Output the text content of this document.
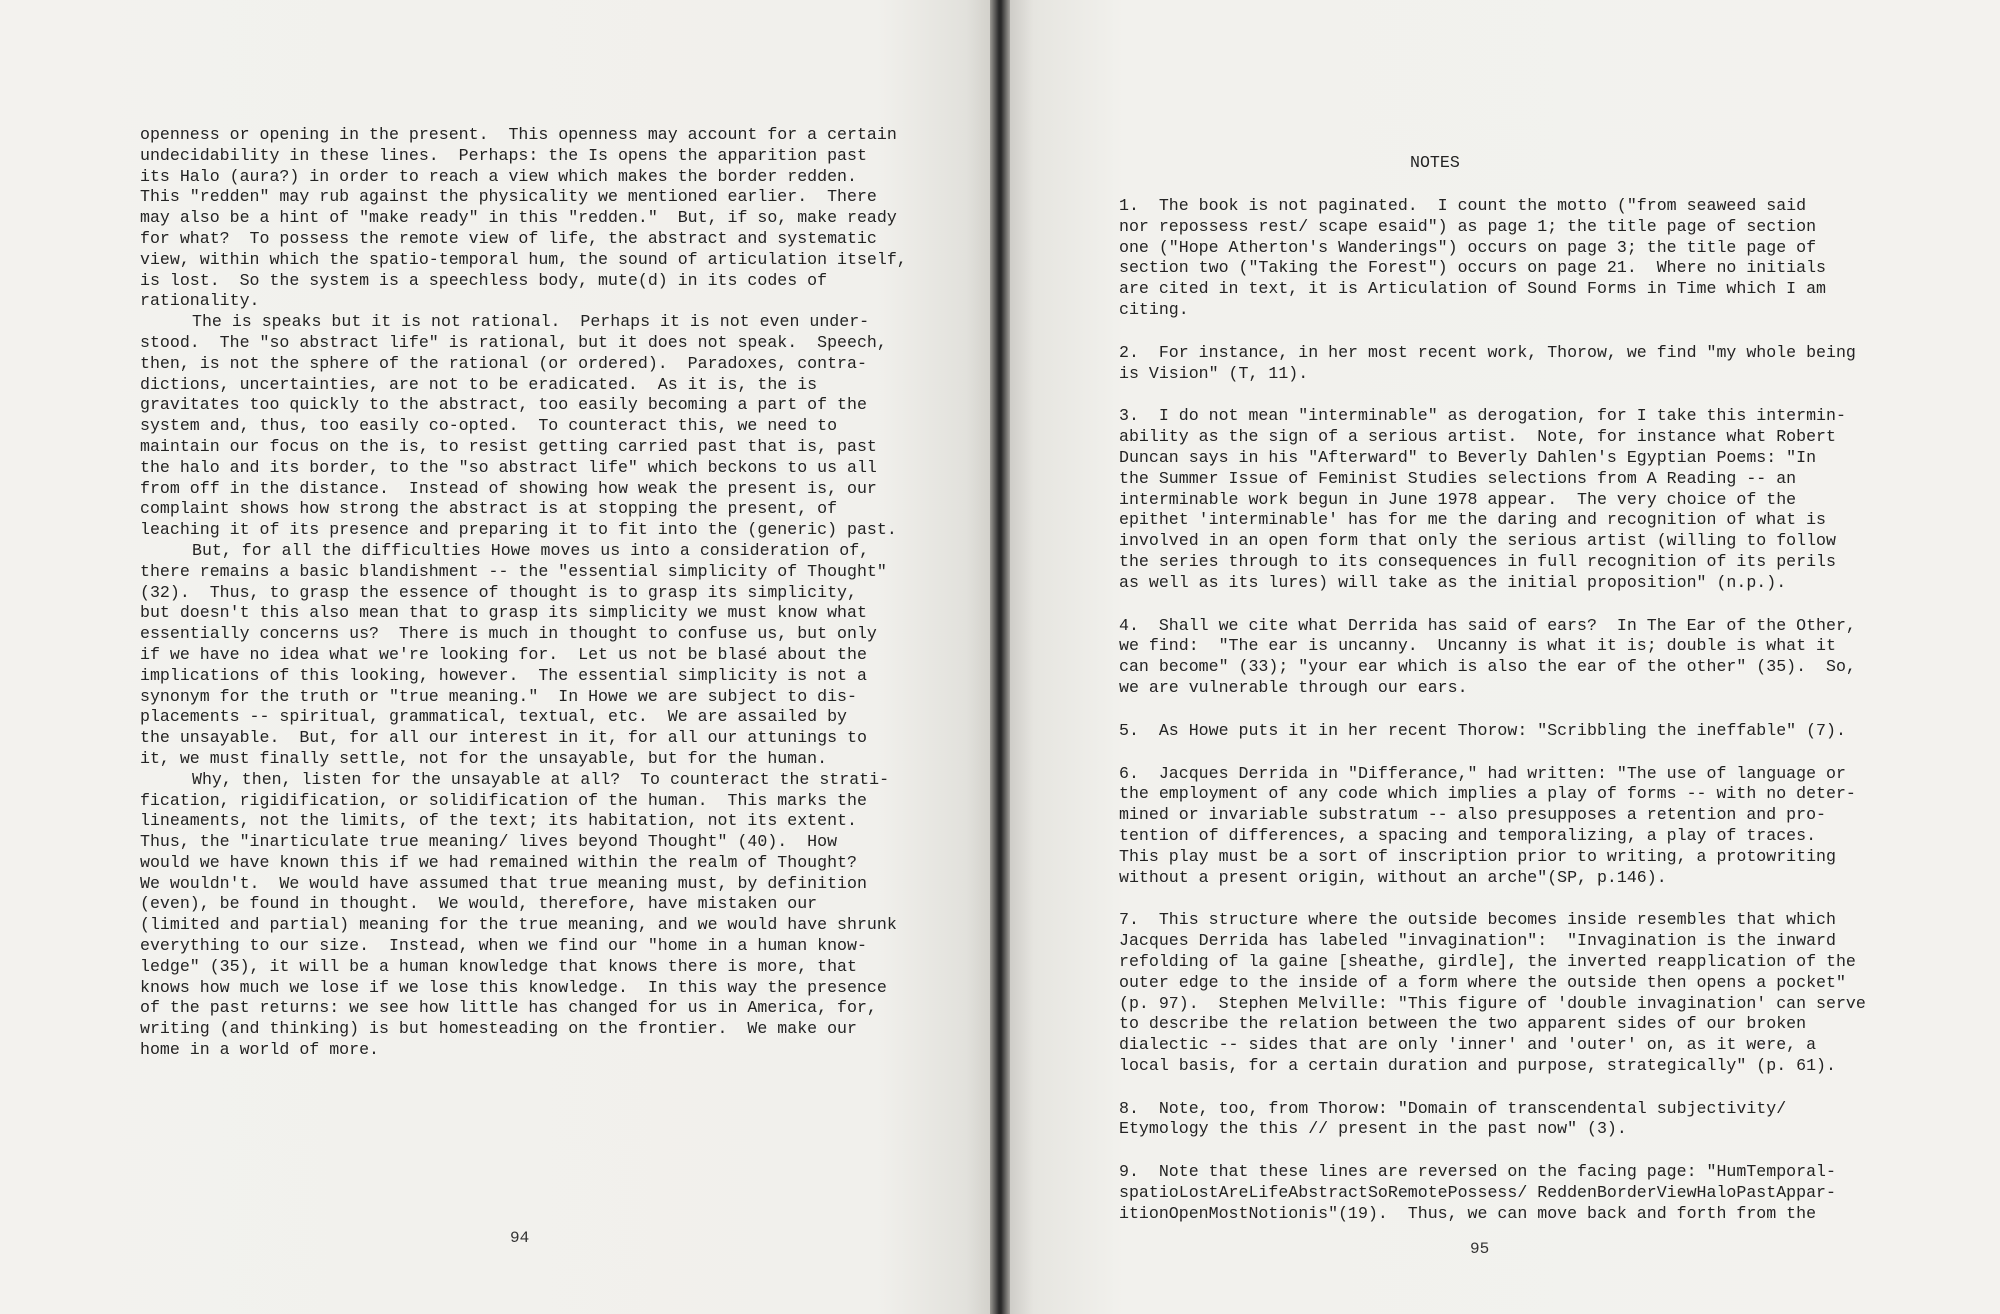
openness or opening in the present.  This openness may account for a certain
undecidability in these lines.  Perhaps: the Is opens the apparition past
its Halo (aura?) in order to reach a view which makes the border redden.
This "redden" may rub against the physicality we mentioned earlier.  There
may also be a hint of "make ready" in this "redden."  But, if so, make ready
for what?  To possess the remote view of life, the abstract and systematic
view, within which the spatio-temporal hum, the sound of articulation itself,
is lost.  So the system is a speechless body, mute(d) in its codes of
rationality.
The is speaks but it is not rational.  Perhaps it is not even under-
stood.  The "so abstract life" is rational, but it does not speak.  Speech,
then, is not the sphere of the rational (or ordered).  Paradoxes, contra-
dictions, uncertainties, are not to be eradicated.  As it is, the is
gravitates too quickly to the abstract, too easily becoming a part of the
system and, thus, too easily co-opted.  To counteract this, we need to
maintain our focus on the is, to resist getting carried past that is, past
the halo and its border, to the "so abstract life" which beckons to us all
from off in the distance.  Instead of showing how weak the present is, our
complaint shows how strong the abstract is at stopping the present, of
leaching it of its presence and preparing it to fit into the (generic) past.
But, for all the difficulties Howe moves us into a consideration of,
there remains a basic blandishment -- the "essential simplicity of Thought"
(32).  Thus, to grasp the essence of thought is to grasp its simplicity,
but doesn't this also mean that to grasp its simplicity we must know what
essentially concerns us?  There is much in thought to confuse us, but only
if we have no idea what we're looking for.  Let us not be blasé about the
implications of this looking, however.  The essential simplicity is not a
synonym for the truth or "true meaning."  In Howe we are subject to dis-
placements -- spiritual, grammatical, textual, etc.  We are assailed by
the unsayable.  But, for all our interest in it, for all our attunings to
it, we must finally settle, not for the unsayable, but for the human.
Why, then, listen for the unsayable at all?  To counteract the strati-
fication, rigidification, or solidification of the human.  This marks the
lineaments, not the limits, of the text; its habitation, not its extent.
Thus, the "inarticulate true meaning/ lives beyond Thought" (40).  How
would we have known this if we had remained within the realm of Thought?
We wouldn't.  We would have assumed that true meaning must, by definition
(even), be found in thought.  We would, therefore, have mistaken our
(limited and partial) meaning for the true meaning, and we would have shrunk
everything to our size.  Instead, when we find our "home in a human know-
ledge" (35), it will be a human knowledge that knows there is more, that
knows how much we lose if we lose this knowledge.  In this way the presence
of the past returns: we see how little has changed for us in America, for,
writing (and thinking) is but homesteading on the frontier.  We make our
home in a world of more.
NOTES
1.  The book is not paginated.  I count the motto ("from seaweed said
nor repossess rest/ scape esaid") as page 1; the title page of section
one ("Hope Atherton's Wanderings") occurs on page 3; the title page of
section two ("Taking the Forest") occurs on page 21.  Where no initials
are cited in text, it is Articulation of Sound Forms in Time which I am
citing.
2.  For instance, in her most recent work, Thorow, we find "my whole being
is Vision" (T, 11).
3.  I do not mean "interminable" as derogation, for I take this intermin-
ability as the sign of a serious artist.  Note, for instance what Robert
Duncan says in his "Afterward" to Beverly Dahlen's Egyptian Poems: "In
the Summer Issue of Feminist Studies selections from A Reading -- an
interminable work begun in June 1978 appear.  The very choice of the
epithet 'interminable' has for me the daring and recognition of what is
involved in an open form that only the serious artist (willing to follow
the series through to its consequences in full recognition of its perils
as well as its lures) will take as the initial proposition" (n.p.).
4.  Shall we cite what Derrida has said of ears?  In The Ear of the Other,
we find:  "The ear is uncanny.  Uncanny is what it is; double is what it
can become" (33); "your ear which is also the ear of the other" (35).  So,
we are vulnerable through our ears.
5.  As Howe puts it in her recent Thorow: "Scribbling the ineffable" (7).
6.  Jacques Derrida in "Differance," had written: "The use of language or
the employment of any code which implies a play of forms -- with no deter-
mined or invariable substratum -- also presupposes a retention and pro-
tention of differences, a spacing and temporalizing, a play of traces.
This play must be a sort of inscription prior to writing, a protowriting
without a present origin, without an arche"(SP, p.146).
7.  This structure where the outside becomes inside resembles that which
Jacques Derrida has labeled "invagination":  "Invagination is the inward
refolding of la gaine [sheathe, girdle], the inverted reapplication of the
outer edge to the inside of a form where the outside then opens a pocket"
(p. 97).  Stephen Melville: "This figure of 'double invagination' can serve
to describe the relation between the two apparent sides of our broken
dialectic -- sides that are only 'inner' and 'outer' on, as it were, a
local basis, for a certain duration and purpose, strategically" (p. 61).
8.  Note, too, from Thorow: "Domain of transcendental subjectivity/
Etymology the this // present in the past now" (3).
9.  Note that these lines are reversed on the facing page: "HumTemporal-
spatioLostAreLifeAbstractSoRemotePossess/ ReddenBorderViewHaloPastAppar-
itionOpenMostNotionis"(19).  Thus, we can move back and forth from the
94
95
